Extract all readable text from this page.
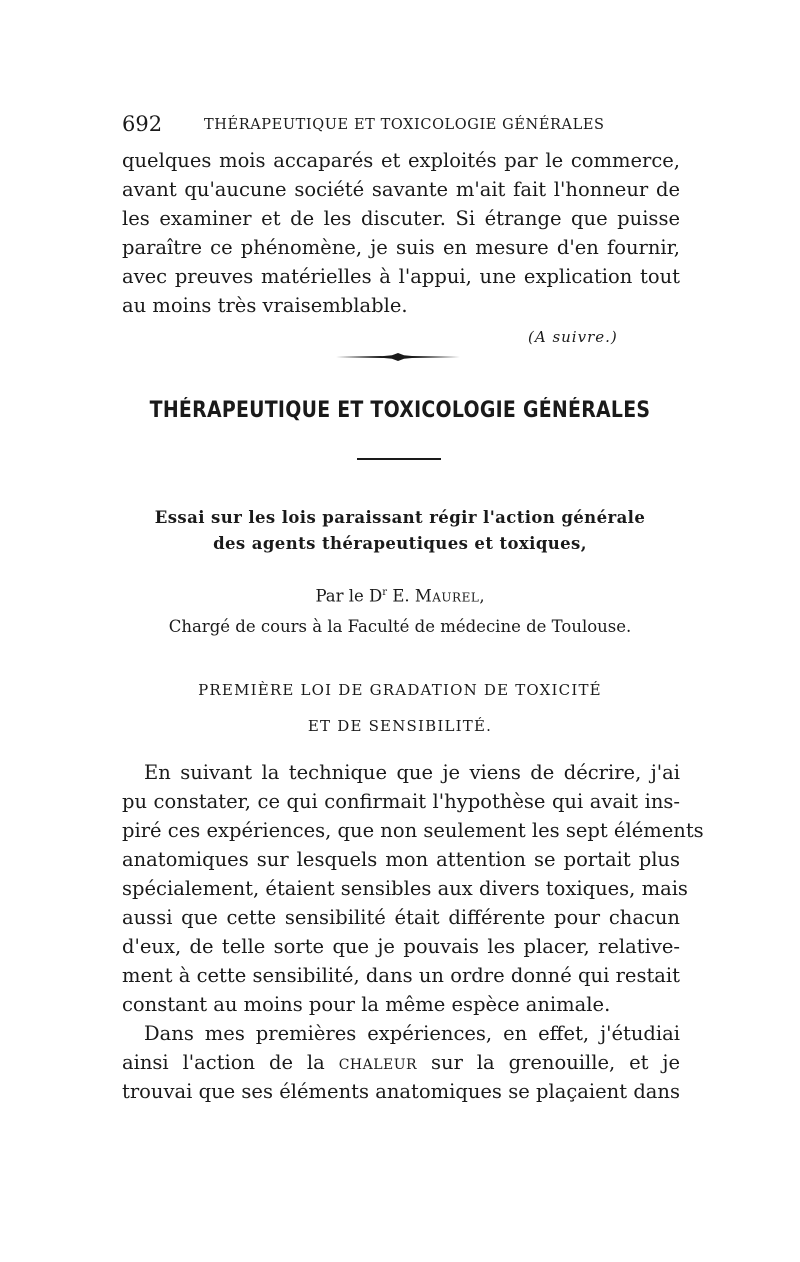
692	THÉRAPEUTIQUE ET TOXICOLOGIE GÉNÉRALES
quelques mois accaparés et exploités par le commerce,
avant qu'aucune société savante m'ait fait l'honneur de
les examiner et de les discuter. Si étrange que puisse
paraître ce phénomène, je suis en mesure d'en fournir,
avec preuves matérielles à l'appui, une explication tout
au moins très vraisemblable.
(A suivre.)
THÉRAPEUTIQUE ET TOXICOLOGIE GÉNÉRALES
Essai sur les lois paraissant régir l'action générale
des agents thérapeutiques et toxiques,
Par le $D^r$ E. Maurel,
Chargé de cours à la Faculté de médecine de Toulouse.
PREMIÈRE LOI DE GRADATION DE TOXICITÉ
ET DE SENSIBILITÉ.
En suivant la technique que je viens de décrire, j'ai
pu constater, ce qui confirmait l'hypothèse qui avait ins-
piré ces expériences, que non seulement les sept éléments
anatomiques sur lesquels mon attention se portait plus
spécialement, étaient sensibles aux divers toxiques, mais
aussi que cette sensibilité était différente pour chacun
d'eux, de telle sorte que je pouvais les placer, relative-
ment à cette sensibilité, dans un ordre donné qui restait
constant au moins pour la même espèce animale.
Dans mes premières expériences, en effet, j'étudiai
ainsi l'action de la chaleur sur la grenouille, et je
trouvai que ses éléments anatomiques se plaçaient dans
